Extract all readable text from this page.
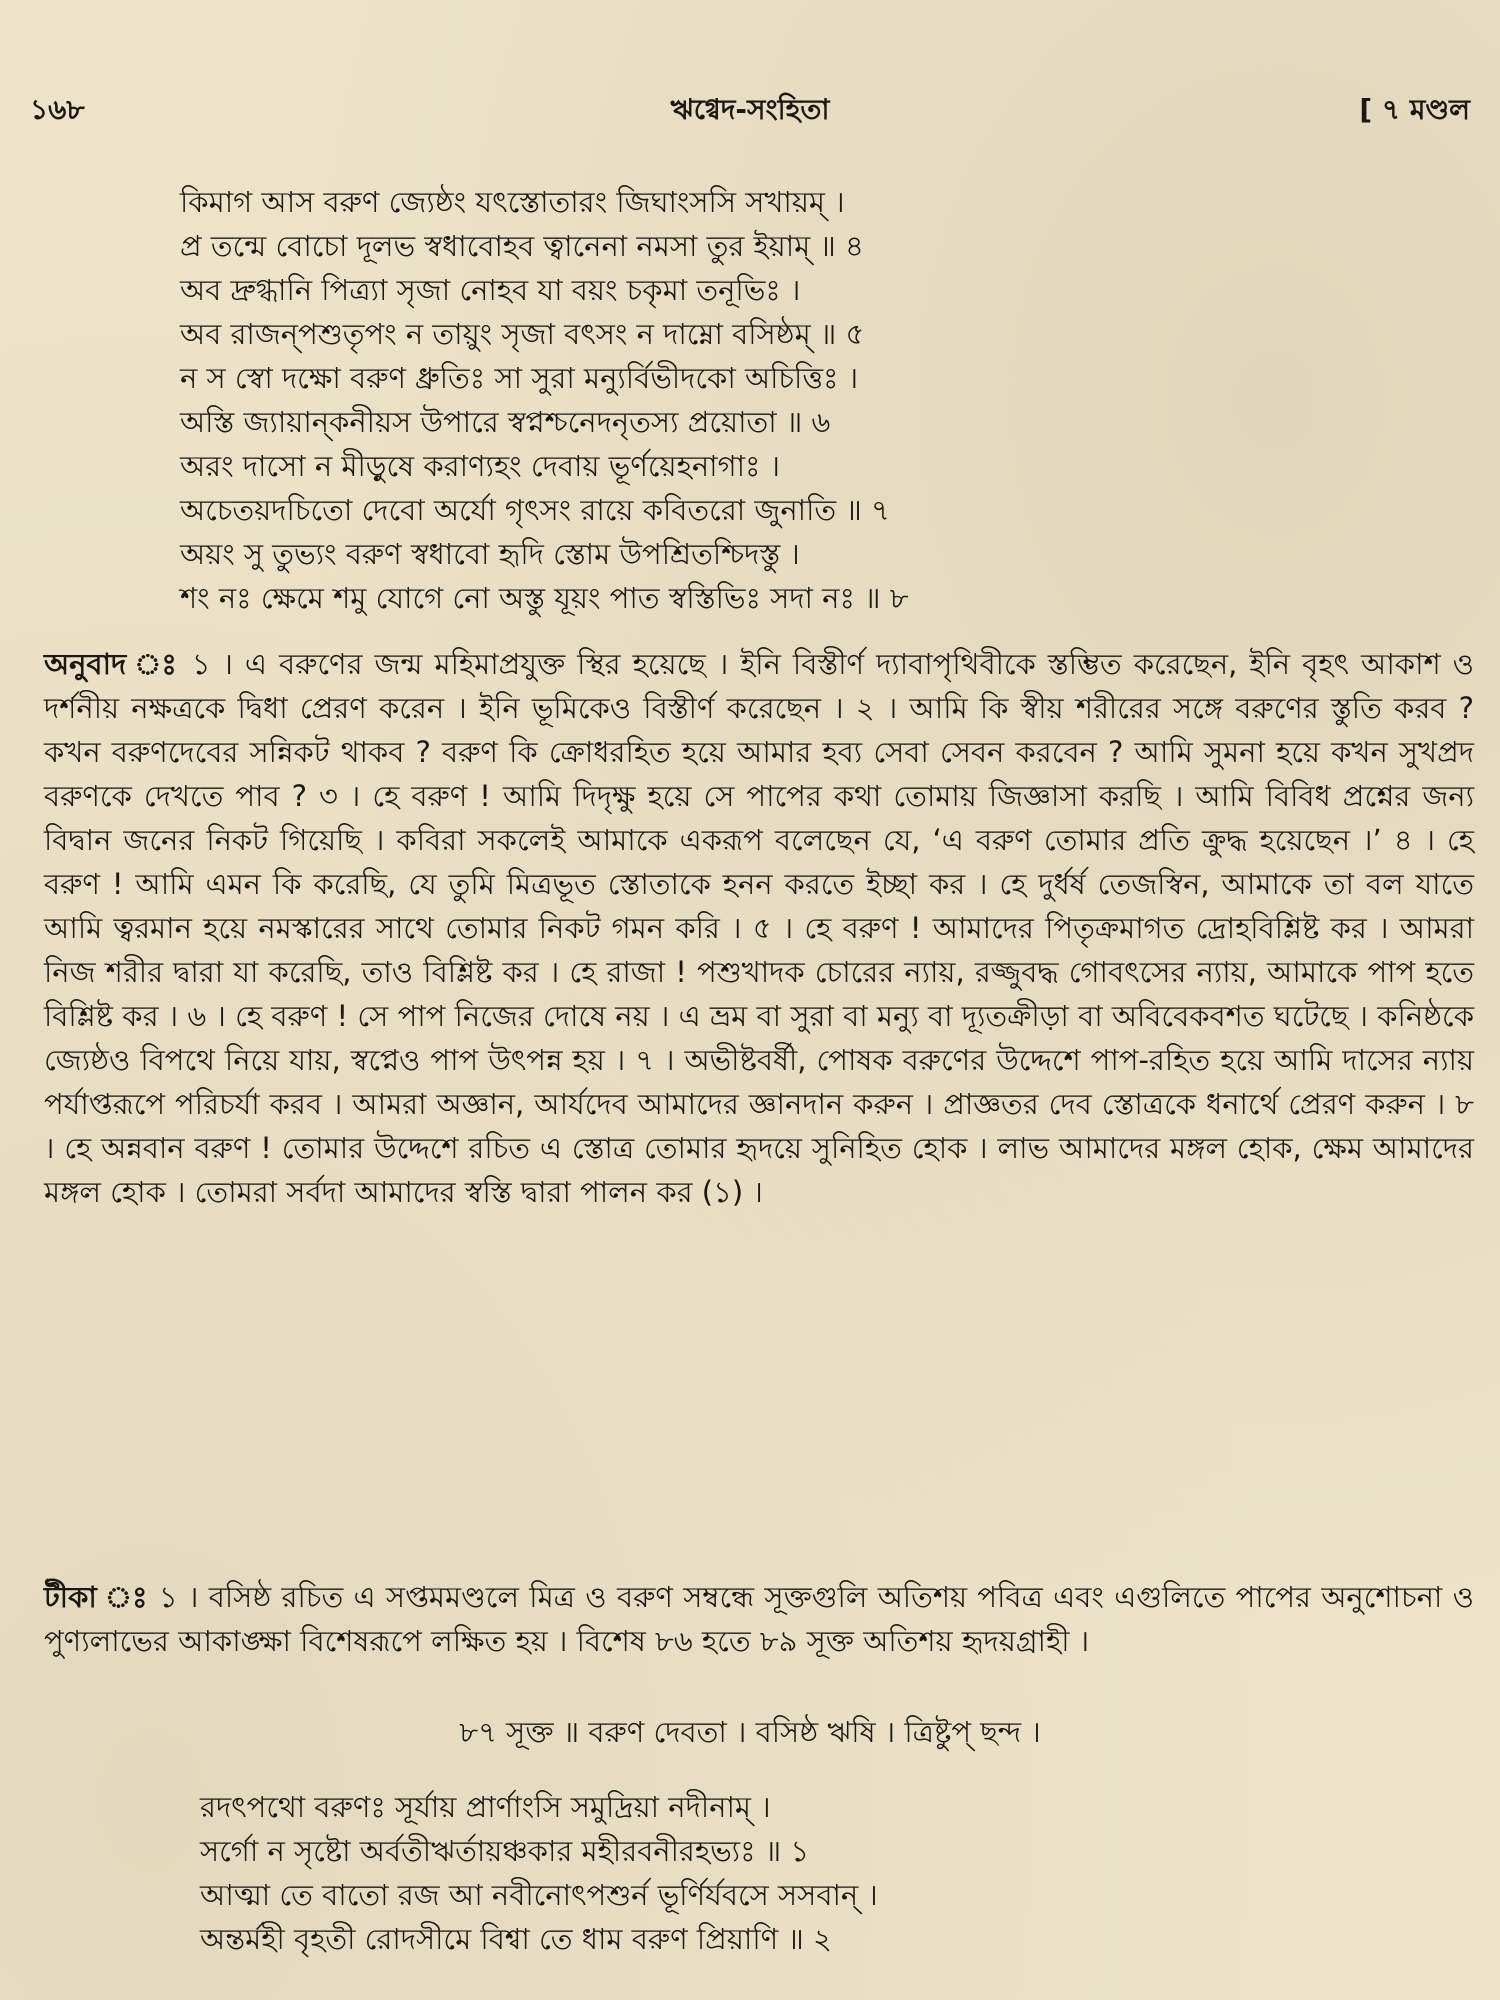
১৬৮	ঋগ্বেদ-সংহিতা	[ ৭ মণ্ডল
কিমাগ আস বরুণ জ্যেষ্ঠং যৎস্তোতারং জিঘাংসসি সখায়ম্ ।
প্র তন্মে বোচো দূলভ স্বধাবোহব ত্বানেনা নমসা তুর ইয়াম্ ॥ ৪
অব দ্রুগ্ধানি পিত্র্যা সৃজা নোহব যা বয়ং চকৃমা তনূভিঃ ।
অব রাজন্পশুতৃপং ন তায়ুং সৃজা বৎসং ন দাম্নো বসিষ্ঠম্ ॥ ৫
ন স স্বো দক্ষো বরুণ ধ্রুতিঃ সা সুরা মন্যুর্বিভীদকো অচিত্তিঃ ।
অস্তি জ্যায়ান্কনীয়স উপারে স্বপ্নশ্চনেদনৃতস্য প্রয়োতা ॥ ৬
অরং দাসো ন মীড়ুষে করাণ্যহং দেবায় ভূর্ণয়েহনাগাঃ ।
অচেতয়দচিতো দেবো অর্যো গৃৎসং রায়ে কবিতরো জুনাতি ॥ ৭
অয়ং সু তুভ্যং বরুণ স্বধাবো হৃদি স্তোম উপশ্রিতশ্চিদস্তু ।
শং নঃ ক্ষেমে শমু যোগে নো অস্তু যূয়ং পাত স্বস্তিভিঃ সদা নঃ ॥ ৮
অনুবাদ ঃ ১ । এ বরুণের জন্ম মহিমাপ্রযুক্ত স্থির হয়েছে । ইনি বিস্তীর্ণ দ্যাবাপৃথিবীকে স্তম্ভিত করেছেন, ইনি বৃহৎ আকাশ ও দর্শনীয় নক্ষত্রকে দ্বিধা প্রেরণ করেন । ইনি ভূমিকেও বিস্তীর্ণ করেছেন । ২ । আমি কি স্বীয় শরীরের সঙ্গে বরুণের স্তুতি করব ? কখন বরুণদেবের সন্নিকট থাকব ? বরুণ কি ক্রোধরহিত হয়ে আমার হব্য সেবা সেবন করবেন ? আমি সুমনা হয়ে কখন সুখপ্রদ বরুণকে দেখতে পাব ? ৩ । হে বরুণ ! আমি দিদৃক্ষু হয়ে সে পাপের কথা তোমায় জিজ্ঞাসা করছি । আমি বিবিধ প্রশ্নের জন্য বিদ্বান জনের নিকট গিয়েছি । কবিরা সকলেই আমাকে একরূপ বলেছেন যে, ‘এ বরুণ তোমার প্রতি ক্রুদ্ধ হয়েছেন ।’ ৪ । হে বরুণ ! আমি এমন কি করেছি, যে তুমি মিত্রভূত স্তোতাকে হনন করতে ইচ্ছা কর । হে দুর্ধর্ষ তেজস্বিন, আমাকে তা বল যাতে আমি ত্বরমান হয়ে নমস্কারের সাথে তোমার নিকট গমন করি । ৫ । হে বরুণ ! আমাদের পিতৃক্রমাগত দ্রোহবিশ্লিষ্ট কর । আমরা নিজ শরীর দ্বারা যা করেছি, তাও বিশ্লিষ্ট কর । হে রাজা ! পশুখাদক চোরের ন্যায়, রজ্জুবদ্ধ গোবৎসের ন্যায়, আমাকে পাপ হতে বিশ্লিষ্ট কর । ৬ । হে বরুণ ! সে পাপ নিজের দোষে নয় । এ ভ্রম বা সুরা বা মন্যু বা দ্যূতক্রীড়া বা অবিবেকবশত ঘটেছে । কনিষ্ঠকে জ্যেষ্ঠও বিপথে নিয়ে যায়, স্বপ্নেও পাপ উৎপন্ন হয় । ৭ । অভীষ্টবর্ষী, পোষক বরুণের উদ্দেশে পাপ-রহিত হয়ে আমি দাসের ন্যায় পর্যাপ্তরূপে পরিচর্যা করব । আমরা অজ্ঞান, আর্যদেব আমাদের জ্ঞানদান করুন । প্রাজ্ঞতর দেব স্তোত্রকে ধনার্থে প্রেরণ করুন । ৮ । হে অন্নবান বরুণ ! তোমার উদ্দেশে রচিত এ স্তোত্র তোমার হৃদয়ে সুনিহিত হোক । লাভ আমাদের মঙ্গল হোক, ক্ষেম আমাদের মঙ্গল হোক । তোমরা সর্বদা আমাদের স্বস্তি দ্বারা পালন কর (১) ।
টীকা ঃ ১ । বসিষ্ঠ রচিত এ সপ্তমমণ্ডলে মিত্র ও বরুণ সম্বন্ধে সূক্তগুলি অতিশয় পবিত্র এবং এগুলিতে পাপের অনুশোচনা ও পুণ্যলাভের আকাঙ্ক্ষা বিশেষরূপে লক্ষিত হয় । বিশেষ ৮৬ হতে ৮৯ সূক্ত অতিশয় হৃদয়গ্রাহী ।
৮৭ সূক্ত ॥ বরুণ দেবতা । বসিষ্ঠ ঋষি । ত্রিষ্টুপ্ ছন্দ ।
রদৎপথো বরুণঃ সূর্যায় প্রার্ণাংসি সমুদ্রিয়া নদীনাম্ ।
সর্গো ন সৃষ্টো অর্বতীঋর্তায়ঞ্চকার মহীরবনীরহভ্যঃ ॥ ১
আত্মা তে বাতো রজ আ নবীনোৎপশুর্ন ভূর্ণির্যবসে সসবান্ ।
অন্তর্মহী বৃহতী রোদসীমে বিশ্বা তে ধাম বরুণ প্রিয়াণি ॥ ২
